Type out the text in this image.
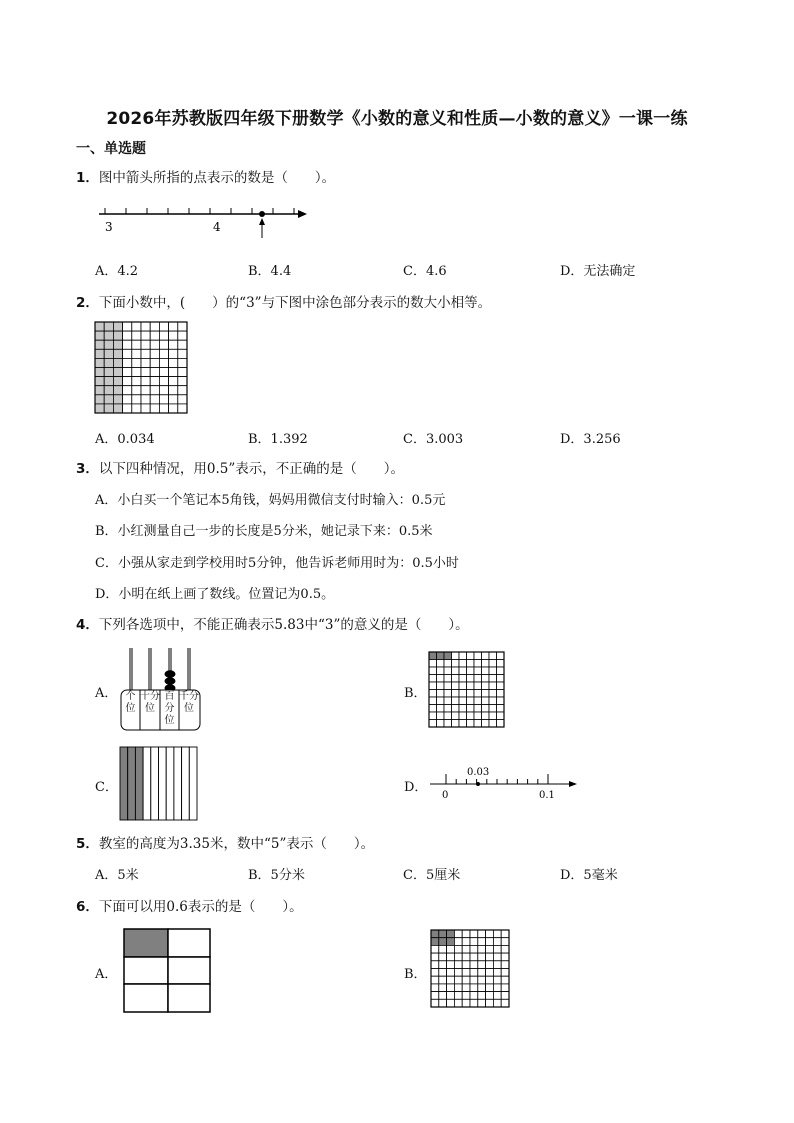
2026年苏教版四年级下册数学《小数的意义和性质—小数的意义》一课一练
一、单选题
1．图中箭头所指的点表示的数是（　　）。
3	4
A．4.2	B．4.4	C．4.6	D．无法确定
2．下面小数中，(　　）的“3”与下图中涂色部分表示的数大小相等。
A．0.034	B．1.392	C．3.003	D．3.256
3．以下四种情况，用0.5”表示，不正确的是（　　）。
A．小白买一个笔记本5角钱，妈妈用微信支付时输入：0.5元
B．小红测量自己一步的长度是5分米，她记录下来：0.5米
C．小强从家走到学校用时5分钟，他告诉老师用时为：0.5小时
D．小明在纸上画了数线。位置记为0.5。
4．下列各选项中，不能正确表示5.83中“3”的意义的是（　　）。
A． 个位
十分位
百分位
千分位
B．
C．	D．
0.03
0	0.1
5．教室的高度为3.35米，数中“5”表示（　　）。
A．5米	B．5分米	C．5厘米	D．5毫米
6．下面可以用0.6表示的是（　　）。
A．	B．
